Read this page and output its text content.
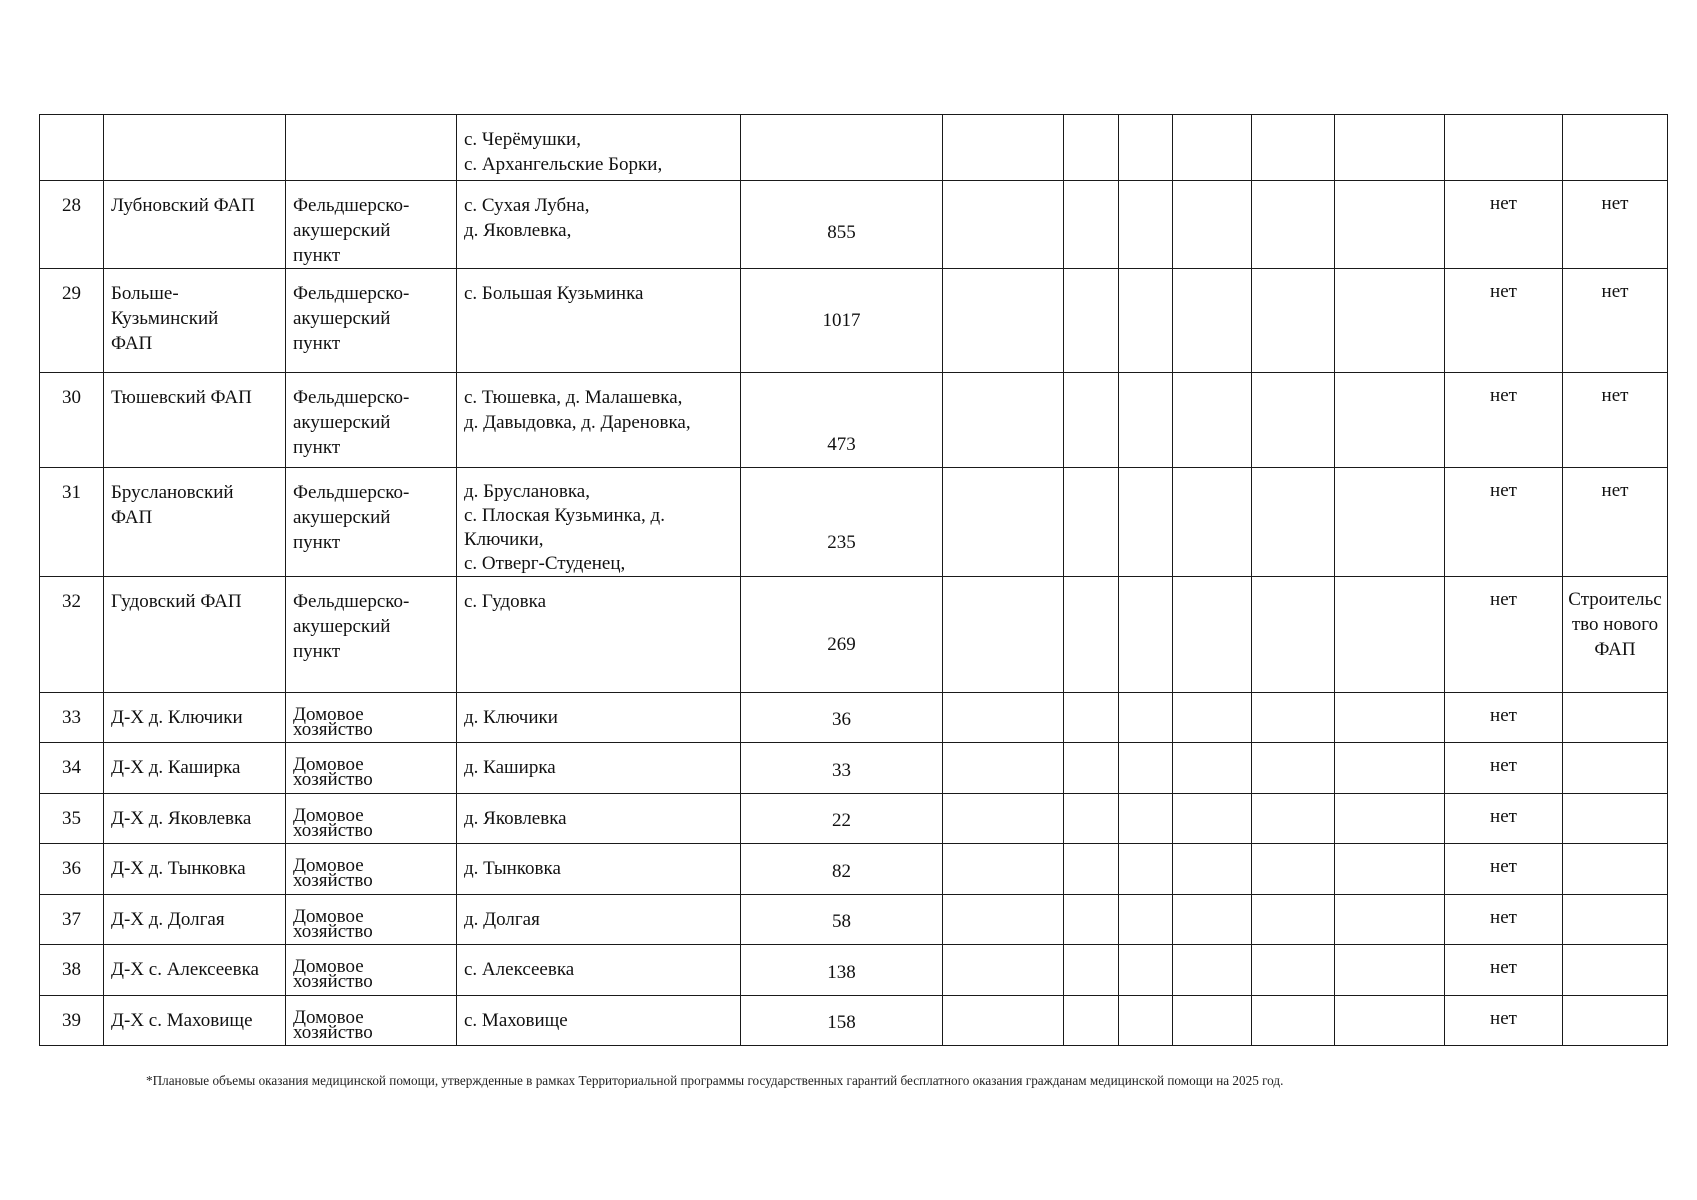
			с. Черёмушки,
с. Архангельские Борки,									

28	Лубновский ФАП	Фельдшерско-
акушерский
пункт	с. Сухая Лубна,
д. Яковлевка,	855							нет	нет

29	Больше-
Кузьминский
ФАП	Фельдшерско-
акушерский
пункт	с. Большая Кузьминка	1017							нет	нет

30	Тюшевский ФАП	Фельдшерско-
акушерский
пункт	с. Тюшевка, д. Малашевка,
д. Давыдовка, д. Дареновка,	473							нет	нет

31	Бруслановский
ФАП	Фельдшерско-
акушерский
пункт	д. Бруслановка,
с. Плоская Кузьминка, д.
Ключики,
с. Отверг-Студенец,	235							нет	нет

32	Гудовский ФАП	Фельдшерско-
акушерский
пункт	с. Гудовка	269							нет	Строительс
тво нового
ФАП

33	Д-Х д. Ключики	Домовое
хозяйство	д. Ключики	36							нет	
34	Д-Х д. Каширка	Домовое
хозяйство	д. Каширка	33							нет	
35	Д-Х д. Яковлевка	Домовое
хозяйство	д. Яковлевка	22							нет	
36	Д-Х д. Тынковка	Домовое
хозяйство	д. Тынковка	82							нет	
37	Д-Х д. Долгая	Домовое
хозяйство	д. Долгая	58							нет	
38	Д-Х с. Алексеевка	Домовое
хозяйство	с. Алексеевка	138							нет	
39	Д-Х с. Маховище	Домовое
хозяйство	с. Маховище	158							нет	
*Плановые объемы оказания медицинской помощи, утвержденные в рамках Территориальной программы государственных гарантий бесплатного оказания гражданам медицинской помощи на 2025 год.
